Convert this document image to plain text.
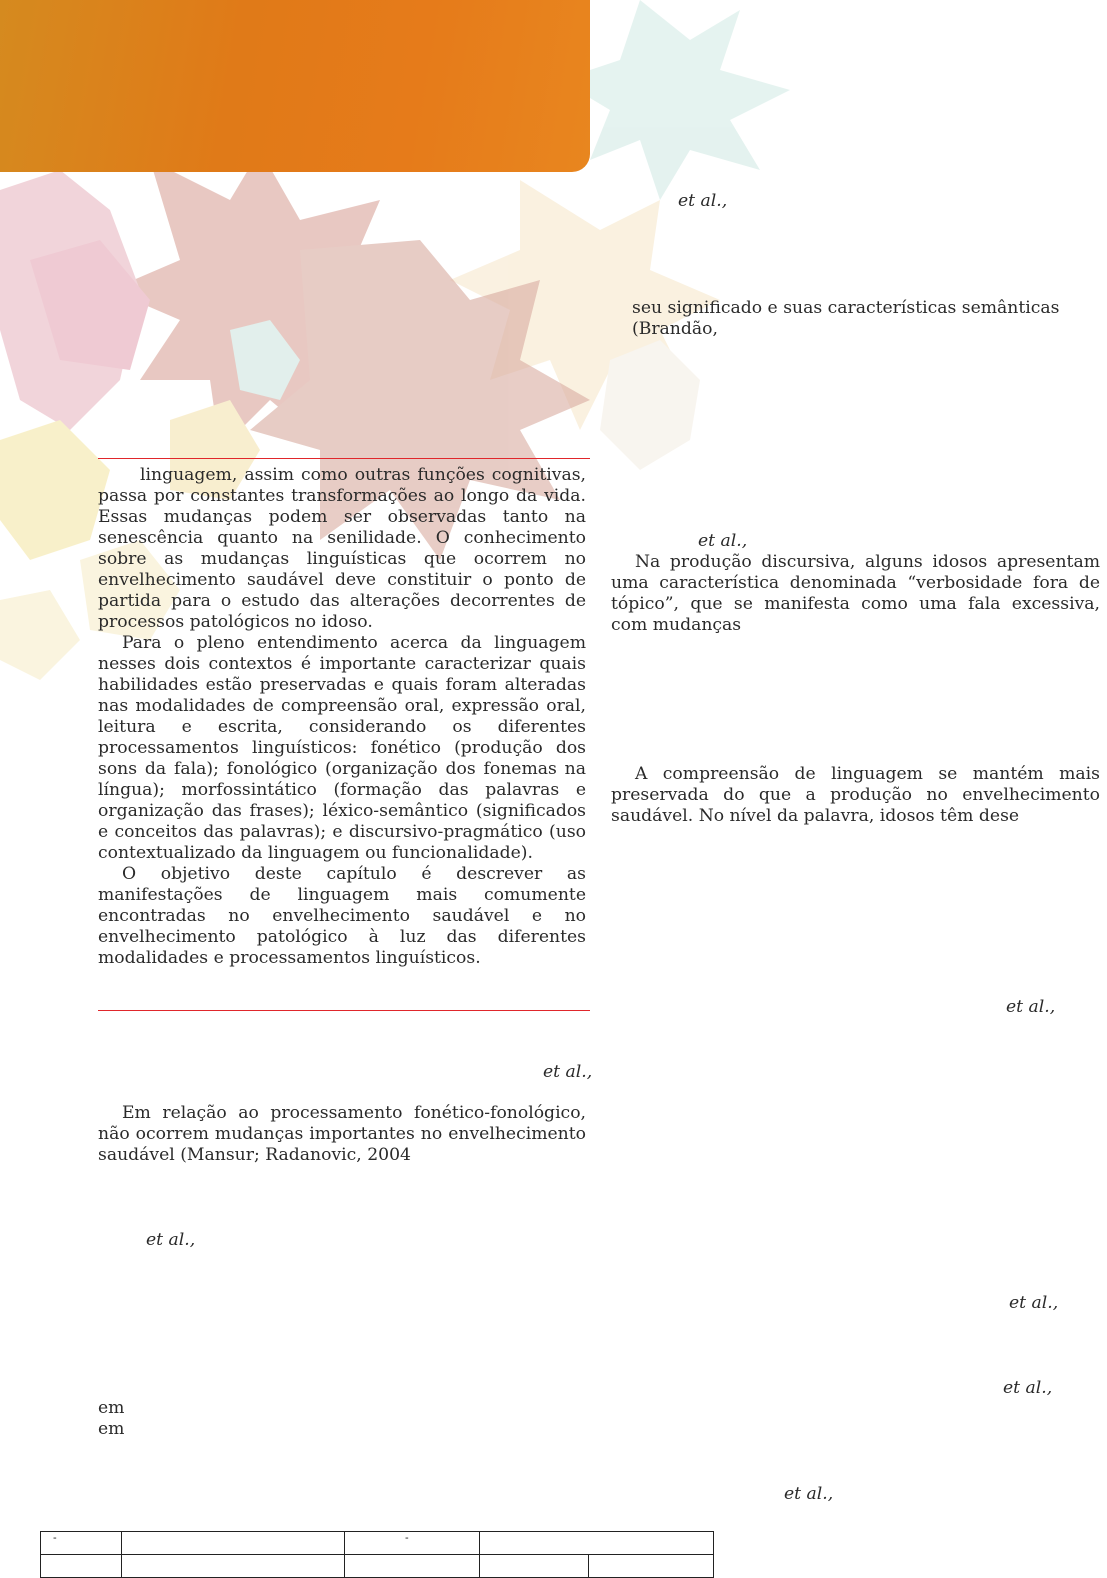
et al.,
seu significado e suas características semânticas (Brandão,

linguagem, assim como outras funções cognitivas, passa por constantes transformações ao longo da vida. Essas mudanças podem ser observadas tanto na senescência quanto na senilidade. O conhecimento sobre as mudanças linguísticas que ocorrem no envelhecimento saudável deve constituir o ponto de partida para o estudo das alterações decorrentes de processos patológicos no idoso.

Para o pleno entendimento acerca da linguagem nesses dois contextos é importante caracterizar quais habilidades estão preservadas e quais foram alteradas nas modalidades de compreensão oral, expressão oral, leitura e escrita, considerando os diferentes processamentos linguísticos: fonético (produção dos sons da fala); fonológico (organização dos fonemas na língua); morfossintático (formação das palavras e organização das frases); léxico-semântico (significados e conceitos das palavras); e discursivo-pragmático (uso contextualizado da linguagem ou funcionalidade).

O objetivo deste capítulo é descrever as manifestações de linguagem mais comumente encontradas no envelhecimento saudável e no envelhecimento patológico à luz das diferentes modalidades e processamentos linguísticos.

et al.,

Na produção discursiva, alguns idosos apresentam uma característica denominada “verbosidade fora de tópico”, que se manifesta como uma fala excessiva, com mudanças

A compreensão de linguagem se mantém mais preservada do que a produção no envelhecimento saudável. No nível da palavra, idosos têm dese

et al.,
et al.,

Em relação ao processamento fonético-fonológico, não ocorrem mudanças importantes no envelhecimento saudável (Mansur; Radanovic, 2004

et al.,
et al.,
et al.,
em
em
et al.,
-		-		
